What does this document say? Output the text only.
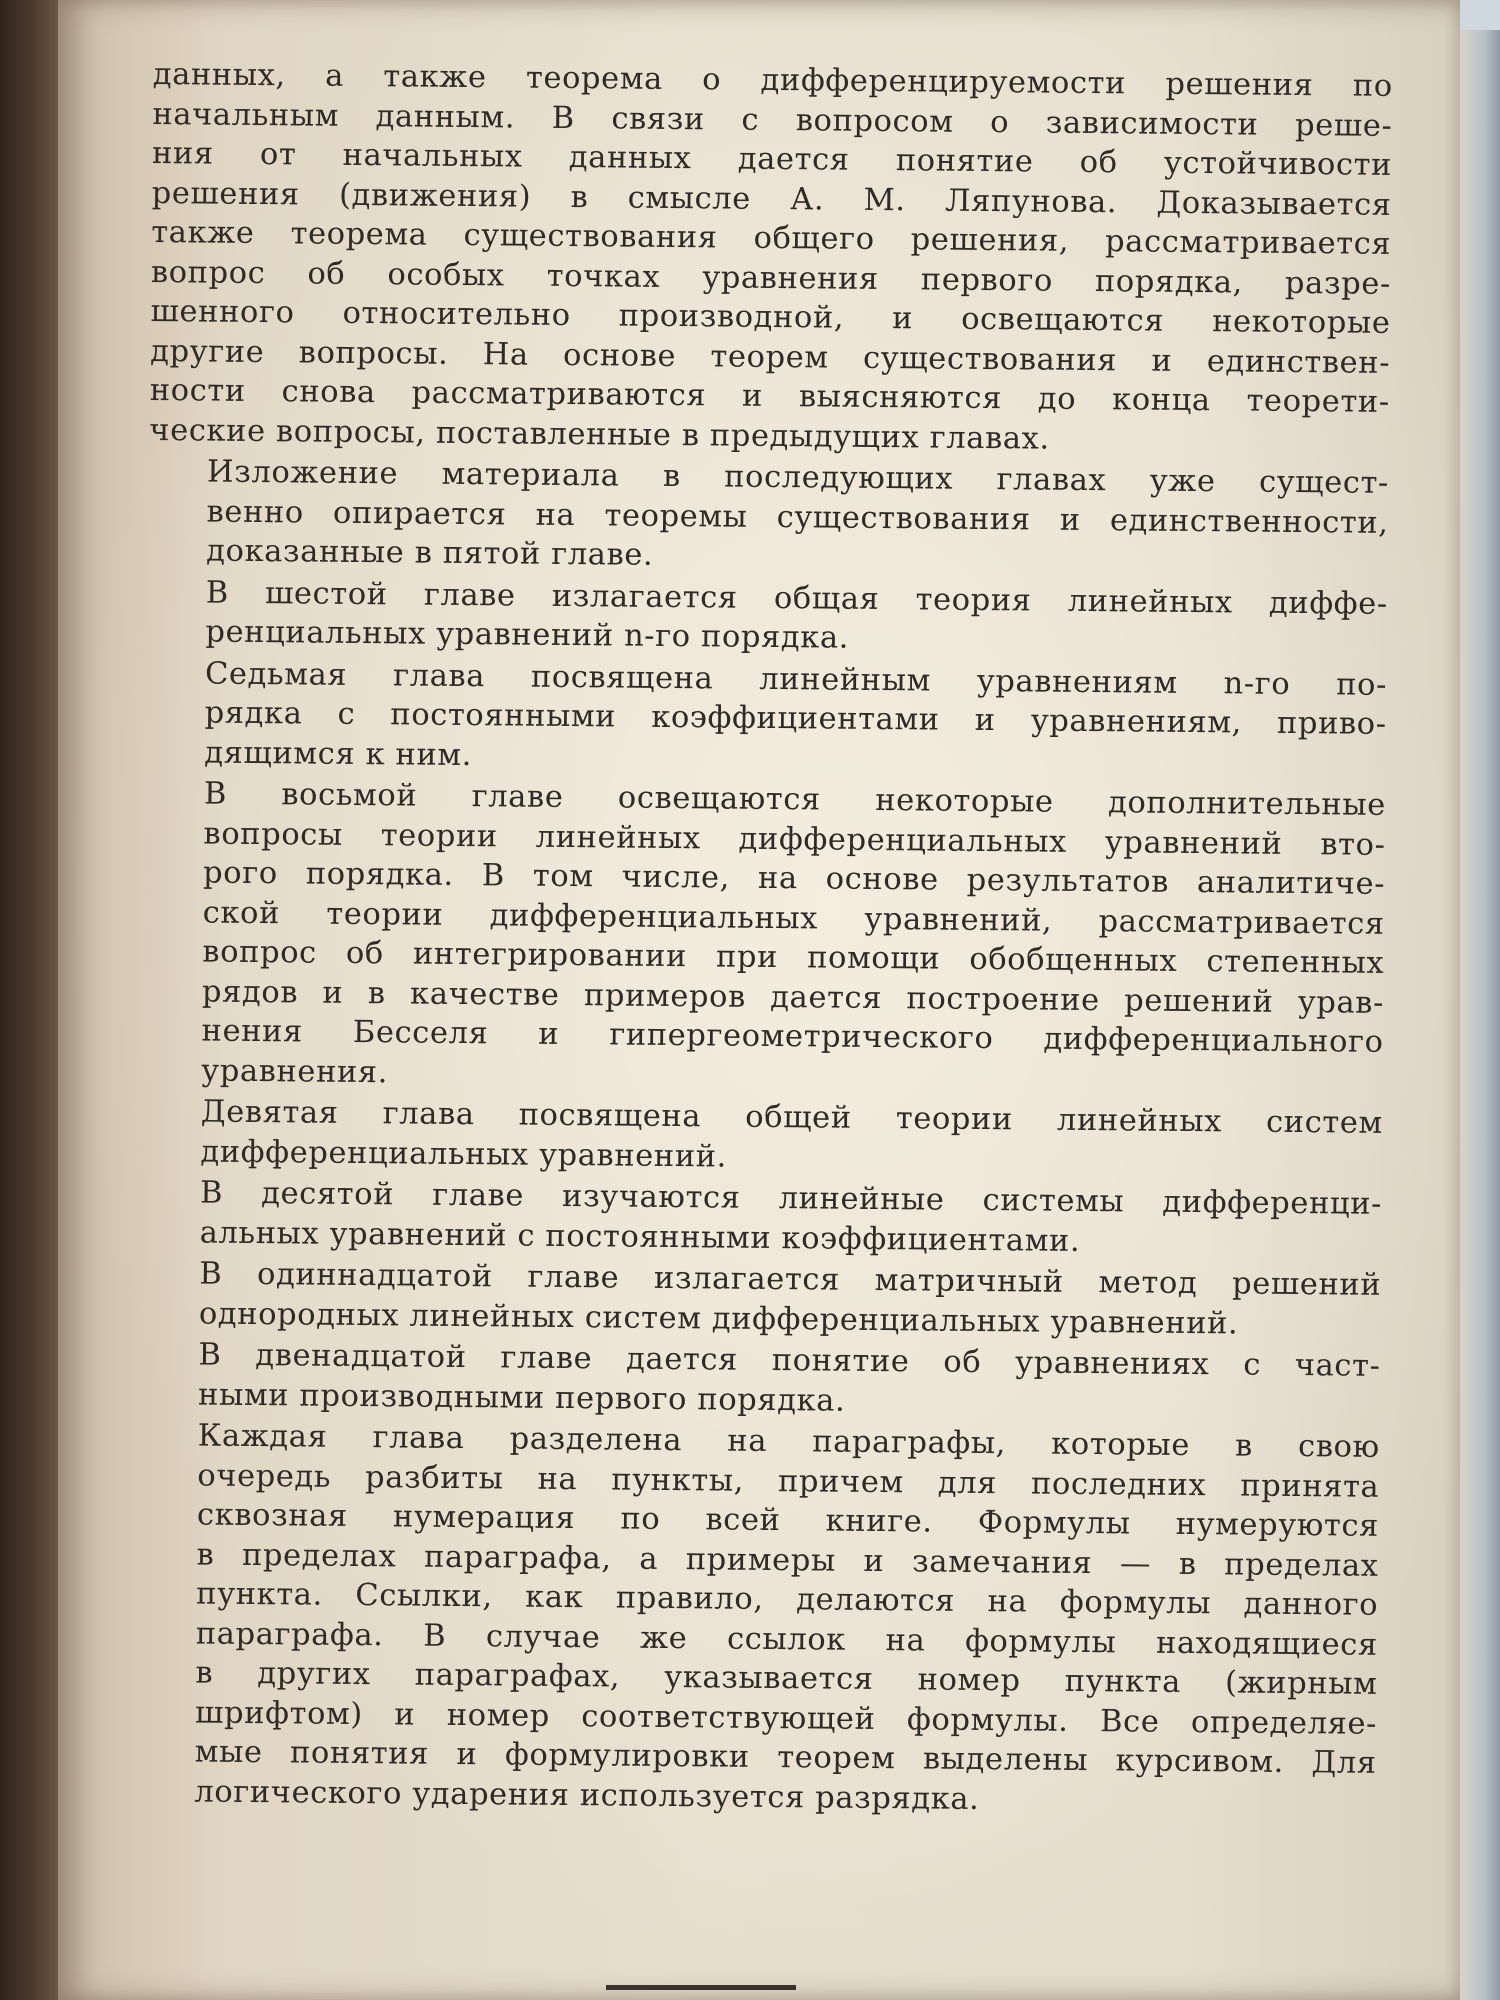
данных, а также теорема о дифференцируемости решения по
начальным данным. В связи с вопросом о зависимости реше-
ния от начальных данных дается понятие об устойчивости
решения (движения) в смысле А. М. Ляпунова. Доказывается
также теорема существования общего решения, рассматривается
вопрос об особых точках уравнения первого порядка, разре-
шенного относительно производной, и освещаются некоторые
другие вопросы. На основе теорем существования и единствен-
ности снова рассматриваются и выясняются до конца теорети-
ческие вопросы, поставленные в предыдущих главах.
Изложение материала в последующих главах уже сущест-
венно опирается на теоремы существования и единственности,
доказанные в пятой главе.
В шестой главе излагается общая теория линейных диффе-
ренциальных уравнений n-го порядка.
Седьмая глава посвящена линейным уравнениям n-го по-
рядка с постоянными коэффициентами и уравнениям, приво-
дящимся к ним.
В восьмой главе освещаются некоторые дополнительные
вопросы теории линейных дифференциальных уравнений вто-
рого порядка. В том числе, на основе результатов аналитиче-
ской теории дифференциальных уравнений, рассматривается
вопрос об интегрировании при помощи обобщенных степенных
рядов и в качестве примеров дается построение решений урав-
нения Бесселя и гипергеометрического дифференциального
уравнения.
Девятая глава посвящена общей теории линейных систем
дифференциальных уравнений.
В десятой главе изучаются линейные системы дифференци-
альных уравнений с постоянными коэффициентами.
В одиннадцатой главе излагается матричный метод решений
однородных линейных систем дифференциальных уравнений.
В двенадцатой главе дается понятие об уравнениях с част-
ными производными первого порядка.
Каждая глава разделена на параграфы, которые в свою
очередь разбиты на пункты, причем для последних принята
сквозная нумерация по всей книге. Формулы нумеруются
в пределах параграфа, а примеры и замечания — в пределах
пункта. Ссылки, как правило, делаются на формулы данного
параграфа. В случае же ссылок на формулы находящиеся
в других параграфах, указывается номер пункта (жирным
шрифтом) и номер соответствующей формулы. Все определяе-
мые понятия и формулировки теорем выделены курсивом. Для
логического ударения используется разрядка.
